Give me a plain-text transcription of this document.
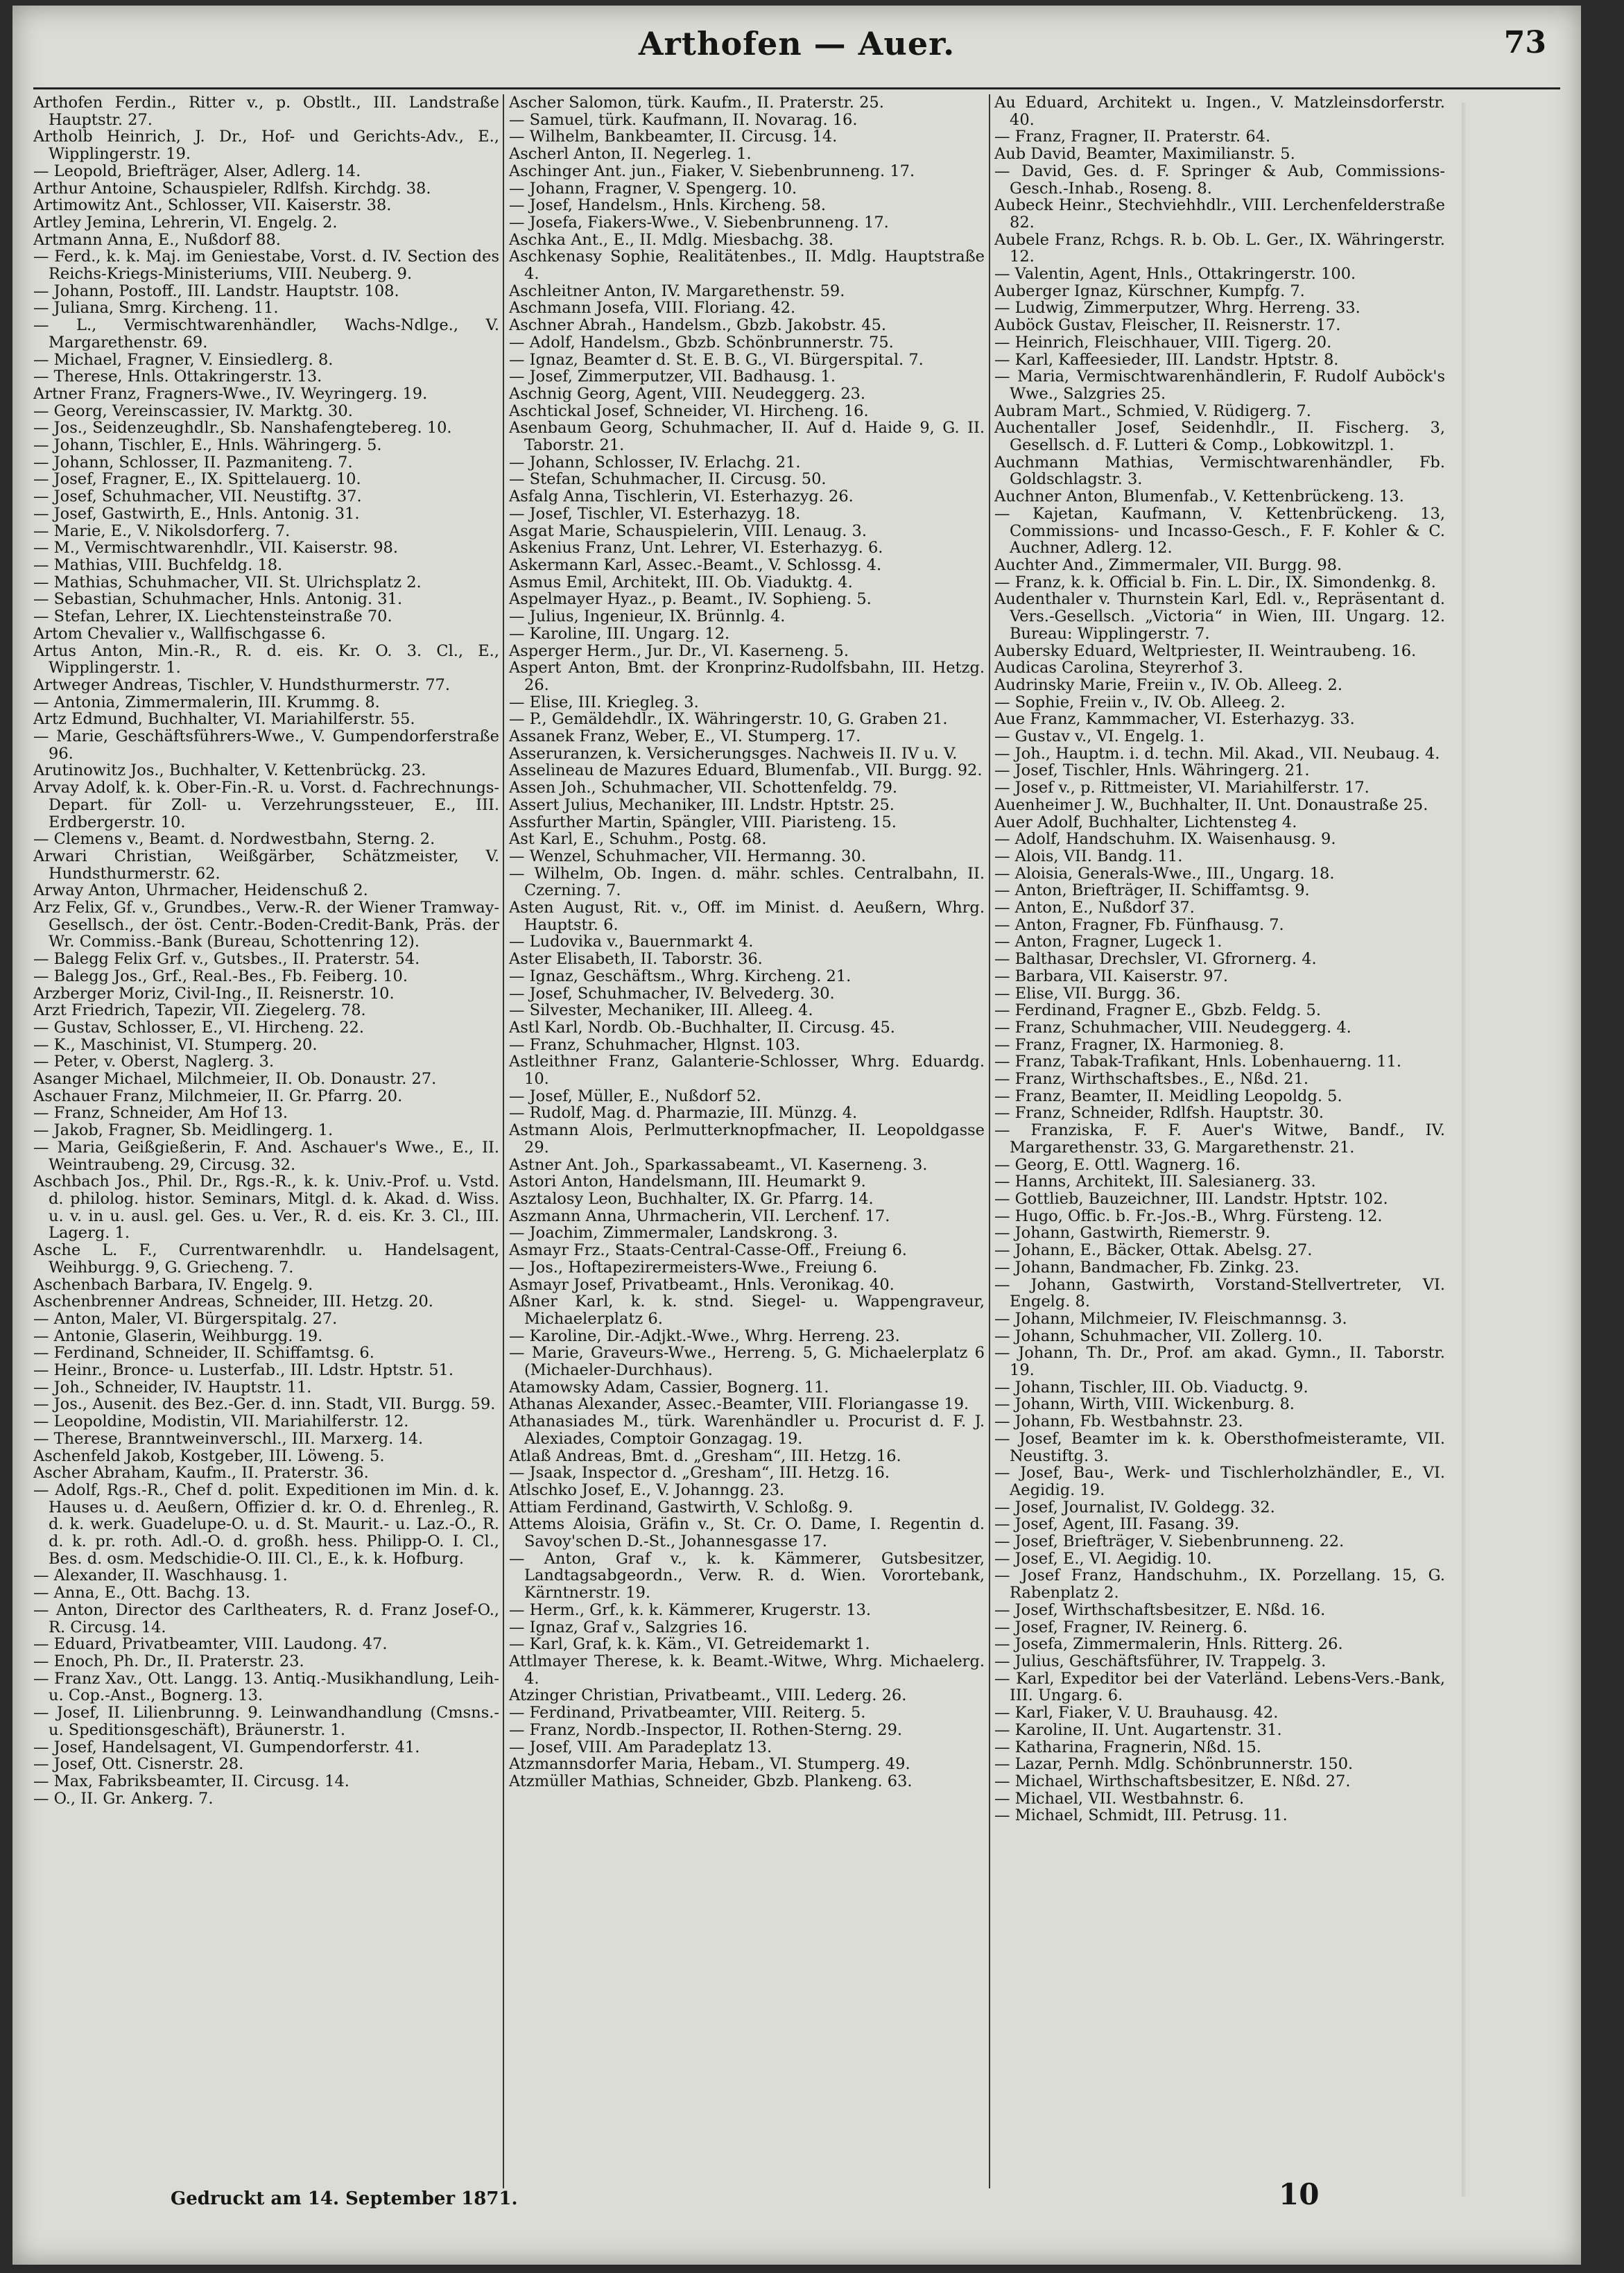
Arthofen — Auer.	73

Arthofen Ferdin., Ritter v., p. Obstlt., III. Landstraße Hauptstr. 27.

Artholb Heinrich, J. Dr., Hof- und Gerichts-Adv., E., Wipplingerstr. 19.

— Leopold, Briefträger, Alser, Adlerg. 14.

Arthur Antoine, Schauspieler, Rdlfsh. Kirchdg. 38.

Artimowitz Ant., Schlosser, VII. Kaiserstr. 38.

Artley Jemina, Lehrerin, VI. Engelg. 2.

Artmann Anna, E., Nußdorf 88.

— Ferd., k. k. Maj. im Geniestabe, Vorst. d. IV. Section des Reichs-Kriegs-Ministeriums, VIII. Neuberg. 9.

— Johann, Postoff., III. Landstr. Hauptstr. 108.

— Juliana, Smrg. Kircheng. 11.

— L., Vermischtwarenhändler, Wachs-Ndlge., V. Margarethenstr. 69.

— Michael, Fragner, V. Einsiedlerg. 8.

— Therese, Hnls. Ottakringerstr. 13.

Artner Franz, Fragners-Wwe., IV. Weyringerg. 19.

— Georg, Vereinscassier, IV. Marktg. 30.

— Jos., Seidenzeughdlr., Sb. Nanshafengtebereg. 10.

— Johann, Tischler, E., Hnls. Währingerg. 5.

— Johann, Schlosser, II. Pazmaniteng. 7.

— Josef, Fragner, E., IX. Spittelauerg. 10.

— Josef, Schuhmacher, VII. Neustiftg. 37.

— Josef, Gastwirth, E., Hnls. Antonig. 31.

— Marie, E., V. Nikolsdorferg. 7.

— M., Vermischtwarenhdlr., VII. Kaiserstr. 98.

— Mathias, VIII. Buchfeldg. 18.

— Mathias, Schuhmacher, VII. St. Ulrichsplatz 2.

— Sebastian, Schuhmacher, Hnls. Antonig. 31.

— Stefan, Lehrer, IX. Liechtensteinstraße 70.

Artom Chevalier v., Wallfischgasse 6.

Artus Anton, Min.-R., R. d. eis. Kr. O. 3. Cl., E., Wipplingerstr. 1.

Artweger Andreas, Tischler, V. Hundsthurmerstr. 77.

— Antonia, Zimmermalerin, III. Krummg. 8.

Artz Edmund, Buchhalter, VI. Mariahilferstr. 55.

— Marie, Geschäftsführers-Wwe., V. Gumpendorferstraße 96.

Arutinowitz Jos., Buchhalter, V. Kettenbrückg. 23.

Arvay Adolf, k. k. Ober-Fin.-R. u. Vorst. d. Fachrechnungs-Depart. für Zoll- u. Verzehrungssteuer, E., III. Erdbergerstr. 10.

— Clemens v., Beamt. d. Nordwestbahn, Sterng. 2.

Arwari Christian, Weißgärber, Schätzmeister, V. Hundsthurmerstr. 62.

Arway Anton, Uhrmacher, Heidenschuß 2.

Arz Felix, Gf. v., Grundbes., Verw.-R. der Wiener Tramway-Gesellsch., der öst. Centr.-Boden-Credit-Bank, Präs. der Wr. Commiss.-Bank (Bureau, Schottenring 12).

— Balegg Felix Grf. v., Gutsbes., II. Praterstr. 54.

— Balegg Jos., Grf., Real.-Bes., Fb. Feiberg. 10.

Arzberger Moriz, Civil-Ing., II. Reisnerstr. 10.

Arzt Friedrich, Tapezir, VII. Ziegelerg. 78.

— Gustav, Schlosser, E., VI. Hircheng. 22.

— K., Maschinist, VI. Stumperg. 20.

— Peter, v. Oberst, Naglerg. 3.

Asanger Michael, Milchmeier, II. Ob. Donaustr. 27.

Aschauer Franz, Milchmeier, II. Gr. Pfarrg. 20.

— Franz, Schneider, Am Hof 13.

— Jakob, Fragner, Sb. Meidlingerg. 1.

— Maria, Geißgießerin, F. And. Aschauer's Wwe., E., II. Weintraubeng. 29, Circusg. 32.

Aschbach Jos., Phil. Dr., Rgs.-R., k. k. Univ.-Prof. u. Vstd. d. philolog. histor. Seminars, Mitgl. d. k. Akad. d. Wiss. u. v. in u. ausl. gel. Ges. u. Ver., R. d. eis. Kr. 3. Cl., III. Lagerg. 1.

Asche L. F., Currentwarenhdlr. u. Handelsagent, Weihburgg. 9, G. Griecheng. 7.

Aschenbach Barbara, IV. Engelg. 9.

Aschenbrenner Andreas, Schneider, III. Hetzg. 20.

— Anton, Maler, VI. Bürgerspitalg. 27.

— Antonie, Glaserin, Weihburgg. 19.

— Ferdinand, Schneider, II. Schiffamtsg. 6.

— Heinr., Bronce- u. Lusterfab., III. Ldstr. Hptstr. 51.

— Joh., Schneider, IV. Hauptstr. 11.

— Jos., Ausenit. des Bez.-Ger. d. inn. Stadt, VII. Burgg. 59.

— Leopoldine, Modistin, VII. Mariahilferstr. 12.

— Therese, Branntweinverschl., III. Marxerg. 14.

Aschenfeld Jakob, Kostgeber, III. Löweng. 5.

Ascher Abraham, Kaufm., II. Praterstr. 36.

— Adolf, Rgs.-R., Chef d. polit. Expeditionen im Min. d. k. Hauses u. d. Aeußern, Offizier d. kr. O. d. Ehrenleg., R. d. k. werk. Guadelupe-O. u. d. St. Maurit.- u. Laz.-O., R. d. k. pr. roth. Adl.-O. d. großh. hess. Philipp-O. I. Cl., Bes. d. osm. Medschidie-O. III. Cl., E., k. k. Hofburg.

— Alexander, II. Waschhausg. 1.

— Anna, E., Ott. Bachg. 13.

— Anton, Director des Carltheaters, R. d. Franz Josef-O., R. Circusg. 14.

— Eduard, Privatbeamter, VIII. Laudong. 47.

— Enoch, Ph. Dr., II. Praterstr. 23.

— Franz Xav., Ott. Langg. 13. Antiq.-Musikhandlung, Leih- u. Cop.-Anst., Bognerg. 13.

— Josef, II. Lilienbrunng. 9. Leinwandhandlung (Cmsns.- u. Speditionsgeschäft), Bräunerstr. 1.

— Josef, Handelsagent, VI. Gumpendorferstr. 41.

— Josef, Ott. Cisnerstr. 28.

— Max, Fabriksbeamter, II. Circusg. 14.

— O., II. Gr. Ankerg. 7.

Ascher Salomon, türk. Kaufm., II. Praterstr. 25.

— Samuel, türk. Kaufmann, II. Novarag. 16.

— Wilhelm, Bankbeamter, II. Circusg. 14.

Ascherl Anton, II. Negerleg. 1.

Aschinger Ant. jun., Fiaker, V. Siebenbrunneng. 17.

— Johann, Fragner, V. Spengerg. 10.

— Josef, Handelsm., Hnls. Kircheng. 58.

— Josefa, Fiakers-Wwe., V. Siebenbrunneng. 17.

Aschka Ant., E., II. Mdlg. Miesbachg. 38.

Aschkenasy Sophie, Realitätenbes., II. Mdlg. Hauptstraße 4.

Aschleitner Anton, IV. Margarethenstr. 59.

Aschmann Josefa, VIII. Floriang. 42.

Aschner Abrah., Handelsm., Gbzb. Jakobstr. 45.

— Adolf, Handelsm., Gbzb. Schönbrunnerstr. 75.

— Ignaz, Beamter d. St. E. B. G., VI. Bürgerspital. 7.

— Josef, Zimmerputzer, VII. Badhausg. 1.

Aschnig Georg, Agent, VIII. Neudeggerg. 23.

Aschtickal Josef, Schneider, VI. Hircheng. 16.

Asenbaum Georg, Schuhmacher, II. Auf d. Haide 9, G. II. Taborstr. 21.

— Johann, Schlosser, IV. Erlachg. 21.

— Stefan, Schuhmacher, II. Circusg. 50.

Asfalg Anna, Tischlerin, VI. Esterhazyg. 26.

— Josef, Tischler, VI. Esterhazyg. 18.

Asgat Marie, Schauspielerin, VIII. Lenaug. 3.

Askenius Franz, Unt. Lehrer, VI. Esterhazyg. 6.

Askermann Karl, Assec.-Beamt., V. Schlossg. 4.

Asmus Emil, Architekt, III. Ob. Viaduktg. 4.

Aspelmayer Hyaz., p. Beamt., IV. Sophieng. 5.

— Julius, Ingenieur, IX. Brünnlg. 4.

— Karoline, III. Ungarg. 12.

Asperger Herm., Jur. Dr., VI. Kaserneng. 5.

Aspert Anton, Bmt. der Kronprinz-Rudolfsbahn, III. Hetzg. 26.

— Elise, III. Kriegleg. 3.

— P., Gemäldehdlr., IX. Währingerstr. 10, G. Graben 21.

Assanek Franz, Weber, E., VI. Stumperg. 17.

Asseruranzen, k. Versicherungsges. Nachweis II. IV u. V.

Asselineau de Mazures Eduard, Blumenfab., VII. Burgg. 92.

Assen Joh., Schuhmacher, VII. Schottenfeldg. 79.

Assert Julius, Mechaniker, III. Lndstr. Hptstr. 25.

Assfurther Martin, Spängler, VIII. Piaristeng. 15.

Ast Karl, E., Schuhm., Postg. 68.

— Wenzel, Schuhmacher, VII. Hermanng. 30.

— Wilhelm, Ob. Ingen. d. mähr. schles. Centralbahn, II. Czerning. 7.

Asten August, Rit. v., Off. im Minist. d. Aeußern, Whrg. Hauptstr. 6.

— Ludovika v., Bauernmarkt 4.

Aster Elisabeth, II. Taborstr. 36.

— Ignaz, Geschäftsm., Whrg. Kircheng. 21.

— Josef, Schuhmacher, IV. Belvederg. 30.

— Silvester, Mechaniker, III. Alleeg. 4.

Astl Karl, Nordb. Ob.-Buchhalter, II. Circusg. 45.

— Franz, Schuhmacher, Hlgnst. 103.

Astleithner Franz, Galanterie-Schlosser, Whrg. Eduardg. 10.

— Josef, Müller, E., Nußdorf 52.

— Rudolf, Mag. d. Pharmazie, III. Münzg. 4.

Astmann Alois, Perlmutterknopfmacher, II. Leopoldgasse 29.

Astner Ant. Joh., Sparkassabeamt., VI. Kaserneng. 3.

Astori Anton, Handelsmann, III. Heumarkt 9.

Asztalosy Leon, Buchhalter, IX. Gr. Pfarrg. 14.

Aszmann Anna, Uhrmacherin, VII. Lerchenf. 17.

— Joachim, Zimmermaler, Landskrong. 3.

Asmayr Frz., Staats-Central-Casse-Off., Freiung 6.

— Jos., Hoftapezirermeisters-Wwe., Freiung 6.

Asmayr Josef, Privatbeamt., Hnls. Veronikag. 40.

Aßner Karl, k. k. stnd. Siegel- u. Wappengraveur, Michaelerplatz 6.

— Karoline, Dir.-Adjkt.-Wwe., Whrg. Herreng. 23.

— Marie, Graveurs-Wwe., Herreng. 5, G. Michaelerplatz 6 (Michaeler-Durchhaus).

Atamowsky Adam, Cassier, Bognerg. 11.

Athanas Alexander, Assec.-Beamter, VIII. Floriangasse 19.

Athanasiades M., türk. Warenhändler u. Procurist d. F. J. Alexiades, Comptoir Gonzagag. 19.

Atlaß Andreas, Bmt. d. „Gresham“, III. Hetzg. 16.

— Jsaak, Inspector d. „Gresham“, III. Hetzg. 16.

Atlschko Josef, E., V. Johanngg. 23.

Attiam Ferdinand, Gastwirth, V. Schloßg. 9.

Attems Aloisia, Gräfin v., St. Cr. O. Dame, I. Regentin d. Savoy'schen D.-St., Johannesgasse 17.

— Anton, Graf v., k. k. Kämmerer, Gutsbesitzer, Landtagsabgeordn., Verw. R. d. Wien. Vorortebank, Kärntnerstr. 19.

— Herm., Grf., k. k. Kämmerer, Krugerstr. 13.

— Ignaz, Graf v., Salzgries 16.

— Karl, Graf, k. k. Käm., VI. Getreidemarkt 1.

Attlmayer Therese, k. k. Beamt.-Witwe, Whrg. Michaelerg. 4.

Atzinger Christian, Privatbeamt., VIII. Lederg. 26.

— Ferdinand, Privatbeamter, VIII. Reiterg. 5.

— Franz, Nordb.-Inspector, II. Rothen-Sterng. 29.

— Josef, VIII. Am Paradeplatz 13.

Atzmannsdorfer Maria, Hebam., VI. Stumperg. 49.

Atzmüller Mathias, Schneider, Gbzb. Plankeng. 63.

Au Eduard, Architekt u. Ingen., V. Matzleinsdorferstr. 40.

— Franz, Fragner, II. Praterstr. 64.

Aub David, Beamter, Maximilianstr. 5.

— David, Ges. d. F. Springer & Aub, Commissions-Gesch.-Inhab., Roseng. 8.

Aubeck Heinr., Stechviehhdlr., VIII. Lerchenfelderstraße 82.

Aubele Franz, Rchgs. R. b. Ob. L. Ger., IX. Währingerstr. 12.

— Valentin, Agent, Hnls., Ottakringerstr. 100.

Auberger Ignaz, Kürschner, Kumpfg. 7.

— Ludwig, Zimmerputzer, Whrg. Herreng. 33.

Auböck Gustav, Fleischer, II. Reisnerstr. 17.

— Heinrich, Fleischhauer, VIII. Tigerg. 20.

— Karl, Kaffeesieder, III. Landstr. Hptstr. 8.

— Maria, Vermischtwarenhändlerin, F. Rudolf Auböck's Wwe., Salzgries 25.

Aubram Mart., Schmied, V. Rüdigerg. 7.

Auchentaller Josef, Seidenhdlr., II. Fischerg. 3, Gesellsch. d. F. Lutteri & Comp., Lobkowitzpl. 1.

Auchmann Mathias, Vermischtwarenhändler, Fb. Goldschlagstr. 3.

Auchner Anton, Blumenfab., V. Kettenbrückeng. 13.

— Kajetan, Kaufmann, V. Kettenbrückeng. 13, Commissions- und Incasso-Gesch., F. F. Kohler & C. Auchner, Adlerg. 12.

Auchter And., Zimmermaler, VII. Burgg. 98.

— Franz, k. k. Official b. Fin. L. Dir., IX. Simondenkg. 8.

Audenthaler v. Thurnstein Karl, Edl. v., Repräsentant d. Vers.-Gesellsch. „Victoria“ in Wien, III. Ungarg. 12. Bureau: Wipplingerstr. 7.

Aubersky Eduard, Weltpriester, II. Weintraubeng. 16.

Audicas Carolina, Steyrerhof 3.

Audrinsky Marie, Freiin v., IV. Ob. Alleeg. 2.

— Sophie, Freiin v., IV. Ob. Alleeg. 2.

Aue Franz, Kammmacher, VI. Esterhazyg. 33.

— Gustav v., VI. Engelg. 1.

— Joh., Hauptm. i. d. techn. Mil. Akad., VII. Neubaug. 4.

— Josef, Tischler, Hnls. Währingerg. 21.

— Josef v., p. Rittmeister, VI. Mariahilferstr. 17.

Auenheimer J. W., Buchhalter, II. Unt. Donaustraße 25.

Auer Adolf, Buchhalter, Lichtensteg 4.

— Adolf, Handschuhm. IX. Waisenhausg. 9.

— Alois, VII. Bandg. 11.

— Aloisia, Generals-Wwe., III., Ungarg. 18.

— Anton, Briefträger, II. Schiffamtsg. 9.

— Anton, E., Nußdorf 37.

— Anton, Fragner, Fb. Fünfhausg. 7.

— Anton, Fragner, Lugeck 1.

— Balthasar, Drechsler, VI. Gfrornerg. 4.

— Barbara, VII. Kaiserstr. 97.

— Elise, VII. Burgg. 36.

— Ferdinand, Fragner E., Gbzb. Feldg. 5.

— Franz, Schuhmacher, VIII. Neudeggerg. 4.

— Franz, Fragner, IX. Harmonieg. 8.

— Franz, Tabak-Trafikant, Hnls. Lobenhauerng. 11.

— Franz, Wirthschaftsbes., E., Nßd. 21.

— Franz, Beamter, II. Meidling Leopoldg. 5.

— Franz, Schneider, Rdlfsh. Hauptstr. 30.

— Franziska, F. F. Auer's Witwe, Bandf., IV. Margarethenstr. 33, G. Margarethenstr. 21.

— Georg, E. Ottl. Wagnerg. 16.

— Hanns, Architekt, III. Salesianerg. 33.

— Gottlieb, Bauzeichner, III. Landstr. Hptstr. 102.

— Hugo, Offic. b. Fr.-Jos.-B., Whrg. Fürsteng. 12.

— Johann, Gastwirth, Riemerstr. 9.

— Johann, E., Bäcker, Ottak. Abelsg. 27.

— Johann, Bandmacher, Fb. Zinkg. 23.

— Johann, Gastwirth, Vorstand-Stellvertreter, VI. Engelg. 8.

— Johann, Milchmeier, IV. Fleischmannsg. 3.

— Johann, Schuhmacher, VII. Zollerg. 10.

— Johann, Th. Dr., Prof. am akad. Gymn., II. Taborstr. 19.

— Johann, Tischler, III. Ob. Viaductg. 9.

— Johann, Wirth, VIII. Wickenburg. 8.

— Johann, Fb. Westbahnstr. 23.

— Josef, Beamter im k. k. Obersthofmeisteramte, VII. Neustiftg. 3.

— Josef, Bau-, Werk- und Tischlerholzhändler, E., VI. Aegidig. 19.

— Josef, Journalist, IV. Goldegg. 32.

— Josef, Agent, III. Fasang. 39.

— Josef, Briefträger, V. Siebenbrunneng. 22.

— Josef, E., VI. Aegidig. 10.

— Josef Franz, Handschuhm., IX. Porzellang. 15, G. Rabenplatz 2.

— Josef, Wirthschaftsbesitzer, E. Nßd. 16.

— Josef, Fragner, IV. Reinerg. 6.

— Josefa, Zimmermalerin, Hnls. Ritterg. 26.

— Julius, Geschäftsführer, IV. Trappelg. 3.

— Karl, Expeditor bei der Vaterländ. Lebens-Vers.-Bank, III. Ungarg. 6.

— Karl, Fiaker, V. U. Brauhausg. 42.

— Karoline, II. Unt. Augartenstr. 31.

— Katharina, Fragnerin, Nßd. 15.

— Lazar, Pernh. Mdlg. Schönbrunnerstr. 150.

— Michael, Wirthschaftsbesitzer, E. Nßd. 27.

— Michael, VII. Westbahnstr. 6.

— Michael, Schmidt, III. Petrusg. 11.

Gedruckt am 14. September 1871.	10
